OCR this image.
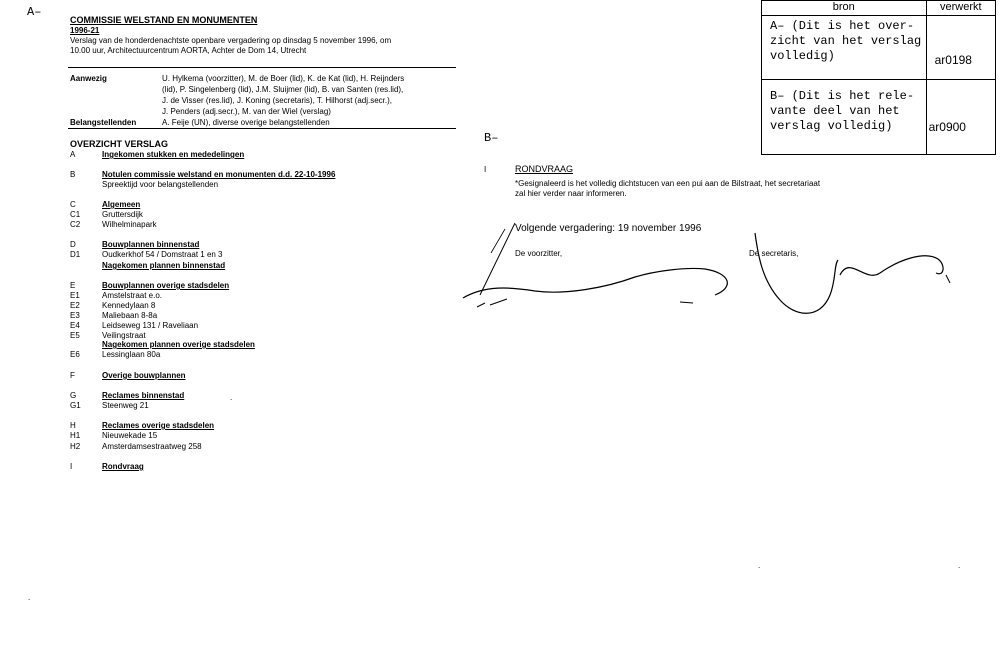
A–
B–
COMMISSIE WELSTAND EN MONUMENTEN
1996-21
Verslag van de honderdenachtste openbare vergadering op dinsdag 5 november 1996, om
10.00 uur, Architectuurcentrum AORTA, Achter de Dom 14, Utrecht
Aanwezig	U. Hylkema (voorzitter), M. de Boer (lid), K. de Kat (lid), H. Reijnders
(lid), P. Singelenberg (lid), J.M. Sluijmer (lid), B. van Santen (res.lid),
J. de Visser (res.lid), J. Koning (secretaris), T. Hilhorst (adj.secr.),
J. Penders (adj.secr.), M. van der Wiel (verslag)
Belangstellenden	A. Feije (UN), diverse overige belangstellenden
OVERZICHT VERSLAG
A	Ingekomen stukken en mededelingen
B	Notulen commissie welstand en monumenten d.d. 22-10-1996
Spreektijd voor belangstellenden
C	Algemeen
C1	Gruttersdijk
C2	Wilhelminapark
D	Bouwplannen binnenstad
D1	Oudkerkhof 54 / Domstraat 1 en 3
Nagekomen plannen binnenstad
E	Bouwplannen overige stadsdelen
E1	Amstelstraat e.o.
E2	Kennedylaan 8
E3	Maliebaan 8-8a
E4	Leidseweg 131 / Raveliaan
E5	Veilingstraat
Nagekomen plannen overige stadsdelen
E6	Lessinglaan 80a
F	Overige bouwplannen
G	Reclames binnenstad
G1	Steenweg 21
H	Reclames overige stadsdelen
H1	Nieuwekade 15
H2	Amsterdamsestraatweg 258
I	Rondvraag
I	RONDVRAAG
*Gesignaleerd is het volledig dichtstucen van een pui aan de Bilstraat, het secretariaat
zal hier verder naar informeren.
Volgende vergadering: 19 november 1996
De voorzitter,	De secretaris,
.
.
.	.
bron	verwerkt

A– (Dit is het over-
zicht van het verslag
volledig)	ar0198

B– (Dit is het rele-
vante deel van het
verslag volledig)	ar0900
